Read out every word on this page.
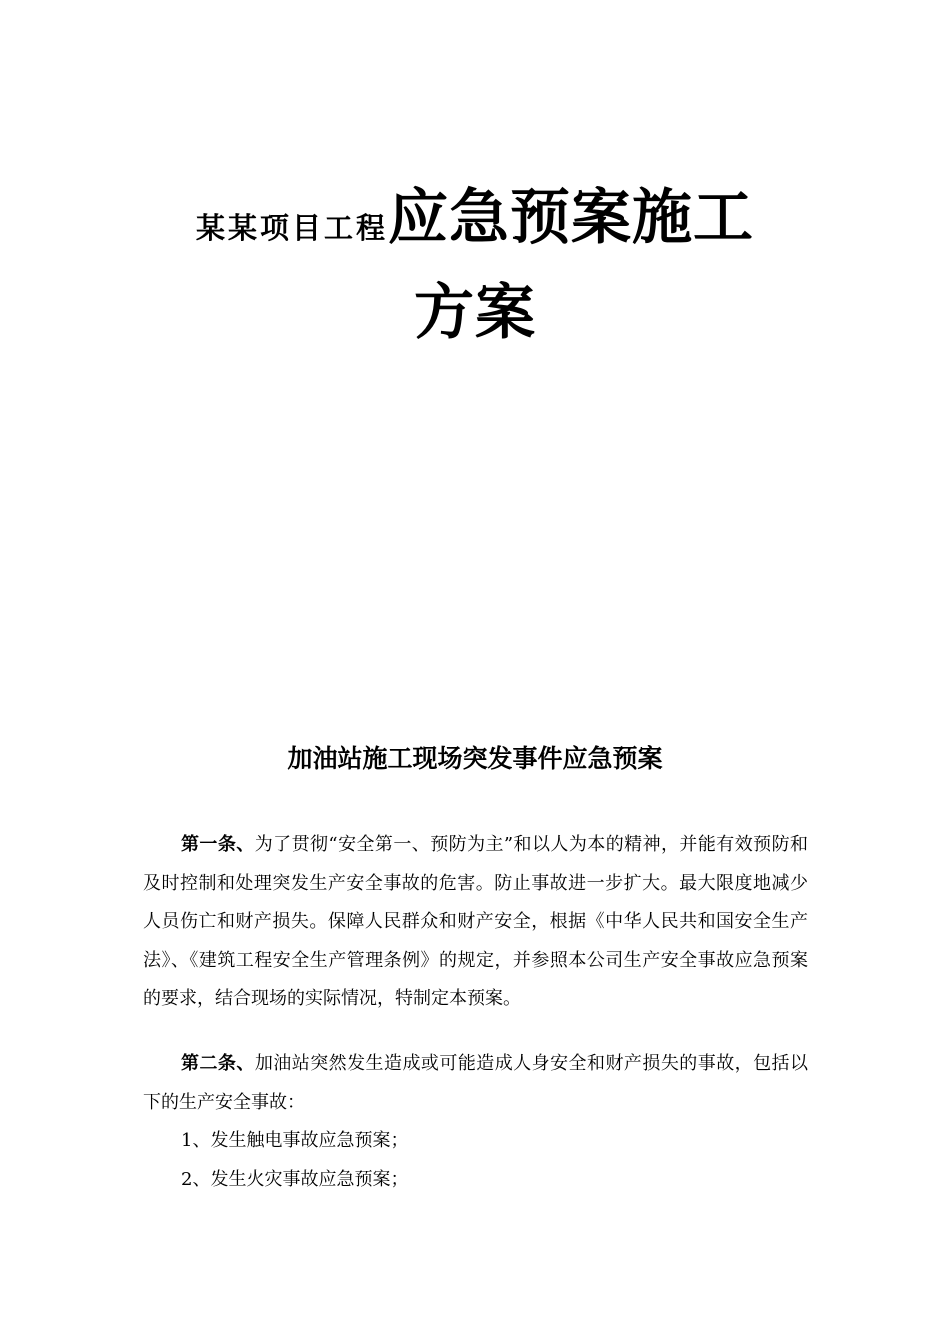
某某项目工程应急预案施工
方案
加油站施工现场突发事件应急预案

第一条、为了贯彻“安全第一、预防为主”和以人为本的精神，并能有效预防和及时控制和处理突发生产安全事故的危害。防止事故进一步扩大。最大限度地减少人员伤亡和财产损失。保障人民群众和财产安全，根据《中华人民共和国安全生产法》、《建筑工程安全生产管理条例》的规定，并参照本公司生产安全事故应急预案的要求，结合现场的实际情况，特制定本预案。

第二条、加油站突然发生造成或可能造成人身安全和财产损失的事故，包括以下的生产安全事故：

1、发生触电事故应急预案；

2、发生火灾事故应急预案；
